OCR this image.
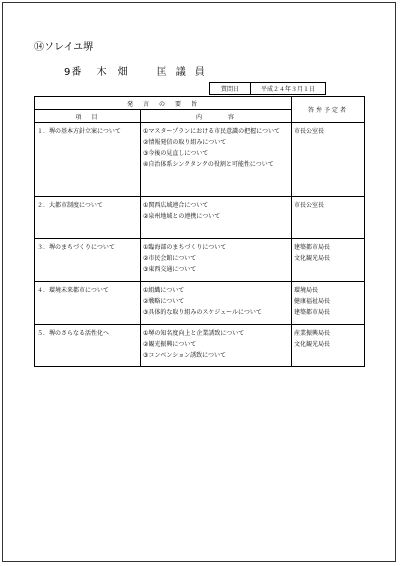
⑭ソレイユ堺
9番 木 畑	匡 議 員
質問日	平成２４年３月１日
発　言　の　要　旨		答弁予定者
項　目	内　　　容	
１．堺の基本方針立案について	①マスタープランにおける市民意識の把握について
②情報発信の取り組みについて
③今後の見直しについて
④自治体系シンクタンクの役割と可能性について	市長公室長

２．大都市制度について	①関西広域連合について
②泉州地域との連携について	市長公室長

３．堺のまちづくりについて	①臨海部のまちづくりについて
②市民会館について
③東西交通について	建築都市局長
文化観光局長

４．環境未来都市について	①組織について
②戦略について
③具体的な取り組みのスケジュールについて	環境局長
健康福祉局長
建築都市局長

５．堺のさらなる活性化へ	①堺の知名度向上と企業誘致について
②観光振興について
③コンベンション誘致について	産業振興局長
文化観光局長
